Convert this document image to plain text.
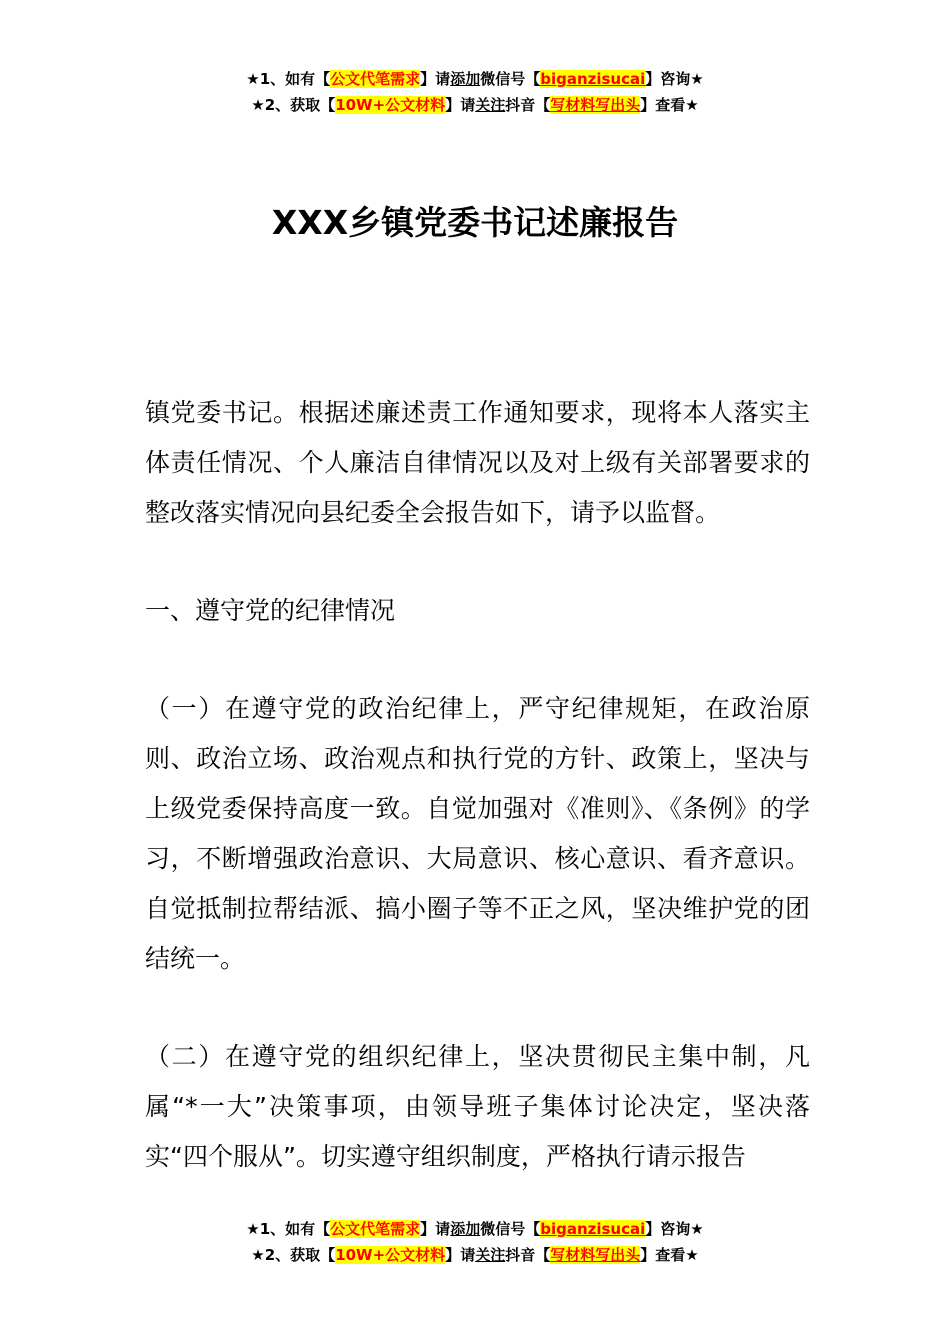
★1、如有【公文代笔需求】请添加微信号【biganzisucai】咨询★
★2、获取【10W+公文材料】请关注抖音【写材料写出头】查看★
XXX乡镇党委书记述廉报告

镇党委书记。根据述廉述责工作通知要求，现将本人落实主体责任情况、个人廉洁自律情况以及对上级有关部署要求的整改落实情况向县纪委全会报告如下，请予以监督。

一、遵守党的纪律情况

（一）在遵守党的政治纪律上，严守纪律规矩，在政治原则、政治立场、政治观点和执行党的方针、政策上，坚决与上级党委保持高度一致。自觉加强对《准则》、《条例》的学习，不断增强政治意识、大局意识、核心意识、看齐意识。自觉抵制拉帮结派、搞小圈子等不正之风，坚决维护党的团结统一。

（二）在遵守党的组织纪律上，坚决贯彻民主集中制，凡属“*一大”决策事项，由领导班子集体讨论决定，坚决落实“四个服从”。切实遵守组织制度，严格执行请示报告

★1、如有【公文代笔需求】请添加微信号【biganzisucai】咨询★
★2、获取【10W+公文材料】请关注抖音【写材料写出头】查看★
